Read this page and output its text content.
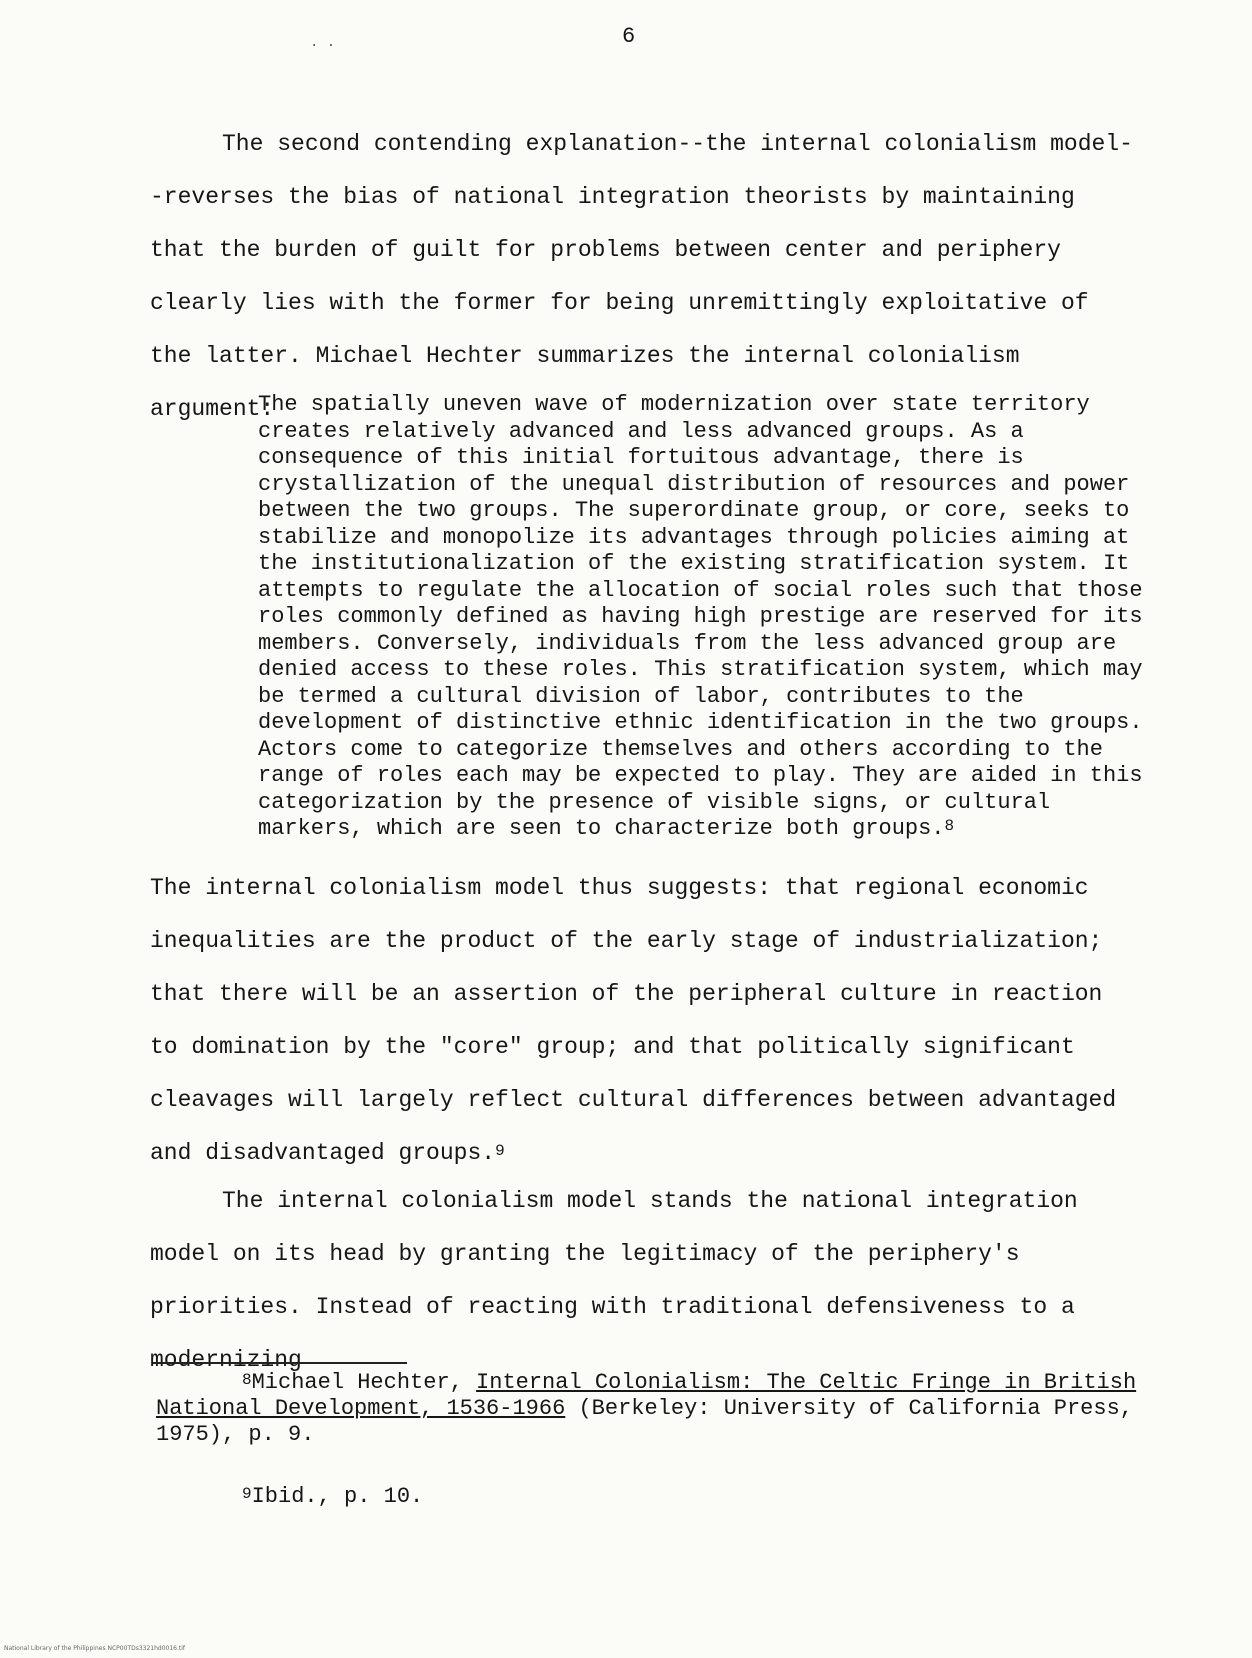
6
· ·

The second contending explanation--the internal colonialism model--reverses the bias of national integration theorists by maintaining that the burden of guilt for problems between center and periphery clearly lies with the former for being unremittingly exploitative of the latter. Michael Hechter summarizes the internal colonialism argument:

The spatially uneven wave of modernization over state territory creates relatively advanced and less advanced groups. As a consequence of this initial fortuitous advantage, there is crystallization of the unequal distribution of resources and power between the two groups. The superordinate group, or core, seeks to stabilize and monopolize its advantages through policies aiming at the institutionalization of the existing stratification system. It attempts to regulate the allocation of social roles such that those roles commonly defined as having high prestige are reserved for its members. Conversely, individuals from the less advanced group are denied access to these roles. This stratification system, which may be termed a cultural division of labor, contributes to the development of distinctive ethnic identification in the two groups. Actors come to categorize themselves and others according to the range of roles each may be expected to play. They are aided in this categorization by the presence of visible signs, or cultural markers, which are seen to characterize both groups.$^8$

The internal colonialism model thus suggests: that regional economic inequalities are the product of the early stage of industrialization; that there will be an assertion of the peripheral culture in reaction to domination by the "core" group; and that politically significant cleavages will largely reflect cultural differences between advantaged and disadvantaged groups.$^9$

The internal colonialism model stands the national integration model on its head by granting the legitimacy of the periphery's priorities. Instead of reacting with traditional defensiveness to a modernizing

$^8$Michael Hechter, Internal Colonialism: The Celtic Fringe in British National Development, 1536-1966 (Berkeley: University of California Press, 1975), p. 9.

$^9$Ibid., p. 10.

National Library of the Philippines NCP00TDs3321hd0016.tif
